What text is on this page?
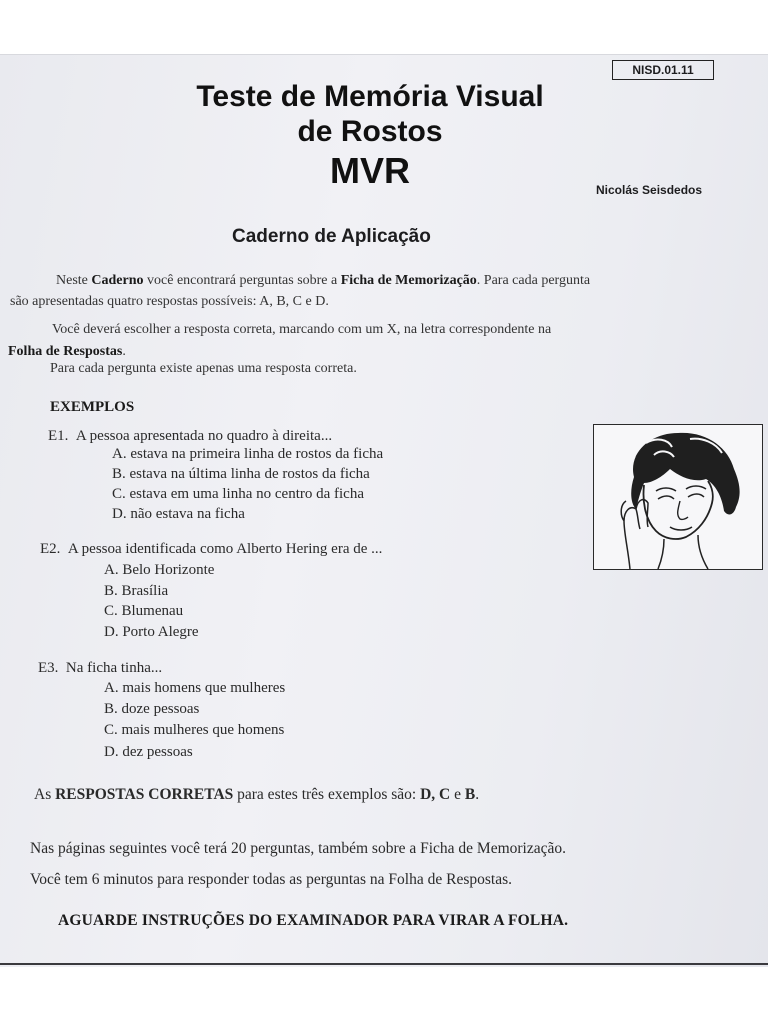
NISD.01.11
Teste de Memória Visual
de Rostos
MVR	Nicolás Seisdedos
Caderno de Aplicação
Neste Caderno você encontrará perguntas sobre a Ficha de Memorização. Para cada pergunta
são apresentadas quatro respostas possíveis: A, B, C e D.
Você deverá escolher a resposta correta, marcando com um X, na letra correspondente na
Folha de Respostas.
Para cada pergunta existe apenas uma resposta correta.
EXEMPLOS
E1. A pessoa apresentada no quadro à direita...
A. estava na primeira linha de rostos da ficha
B. estava na última linha de rostos da ficha
C. estava em uma linha no centro da ficha
D. não estava na ficha
E2. A pessoa identificada como Alberto Hering era de ...
A. Belo Horizonte
B. Brasília
C. Blumenau
D. Porto Alegre
E3. Na ficha tinha...
A. mais homens que mulheres
B. doze pessoas
C. mais mulheres que homens
D. dez pessoas
As RESPOSTAS CORRETAS para estes três exemplos são: D, C e B.
Nas páginas seguintes você terá 20 perguntas, também sobre a Ficha de Memorização.
Você tem 6 minutos para responder todas as perguntas na Folha de Respostas.
AGUARDE INSTRUÇÕES DO EXAMINADOR PARA VIRAR A FOLHA.
